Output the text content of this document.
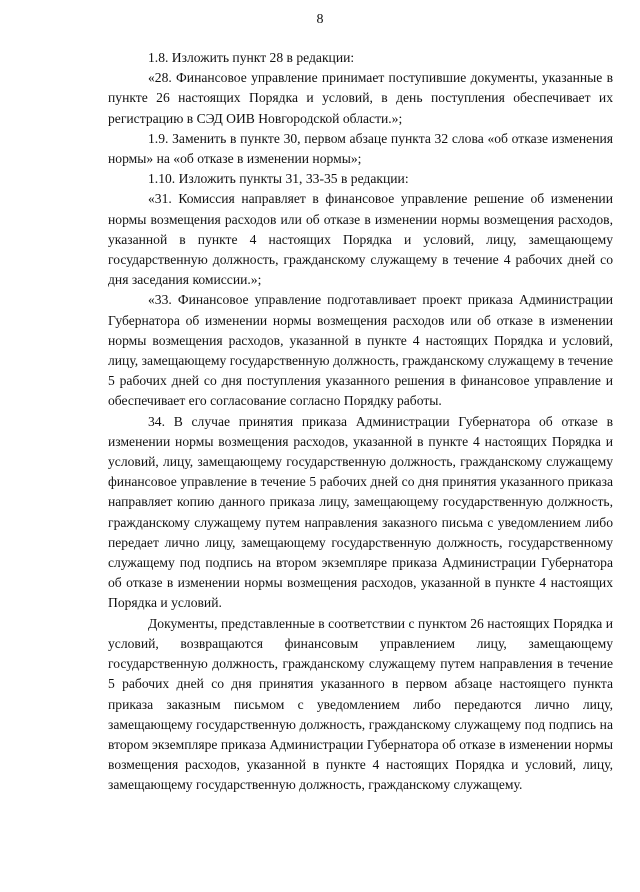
8

1.8. Изложить пункт 28 в редакции:

«28. Финансовое управление принимает поступившие документы, указанные в пункте 26 настоящих Порядка и условий, в день поступления обеспечивает их регистрацию в СЭД ОИВ Новгородской области.»;

1.9. Заменить в пункте 30, первом абзаце пункта 32 слова «об отказе изменения нормы» на «об отказе в изменении нормы»;

1.10. Изложить пункты 31, 33-35 в редакции:

«31. Комиссия направляет в финансовое управление решение об изменении нормы возмещения расходов или об отказе в изменении нормы возмещения расходов, указанной в пункте 4 настоящих Порядка и условий, лицу, замещающему государственную должность, гражданскому служащему в течение 4 рабочих дней со дня заседания комиссии.»;

«33. Финансовое управление подготавливает проект приказа Администрации Губернатора об изменении нормы возмещения расходов или об отказе в изменении нормы возмещения расходов, указанной в пункте 4 настоящих Порядка и условий, лицу, замещающему государственную должность, гражданскому служащему в течение 5 рабочих дней со дня поступления указанного решения в финансовое управление и обеспечивает его согласование согласно Порядку работы.

34. В случае принятия приказа Администрации Губернатора об отказе в изменении нормы возмещения расходов, указанной в пункте 4 настоящих Порядка и условий, лицу, замещающему государственную должность, гражданскому служащему финансовое управление в течение 5 рабочих дней со дня принятия указанного приказа направляет копию данного приказа лицу, замещающему государственную должность, гражданскому служащему путем направления заказного письма с уведомлением либо передает лично лицу, замещающему государственную должность, государственному служащему под подпись на втором экземпляре приказа Администрации Губернатора об отказе в изменении нормы возмещения расходов, указанной в пункте 4 настоящих Порядка и условий.

Документы, представленные в соответствии с пунктом 26 настоящих Порядка и условий, возвращаются финансовым управлением лицу, замещающему государственную должность, гражданскому служащему путем направления в течение 5 рабочих дней со дня принятия указанного в первом абзаце настоящего пункта приказа заказным письмом с уведомлением либо передаются лично лицу, замещающему государственную должность, гражданскому служащему под подпись на втором экземпляре приказа Администрации Губернатора об отказе в изменении нормы возмещения расходов, указанной в пункте 4 настоящих Порядка и условий, лицу, замещающему государственную должность, гражданскому служащему.
